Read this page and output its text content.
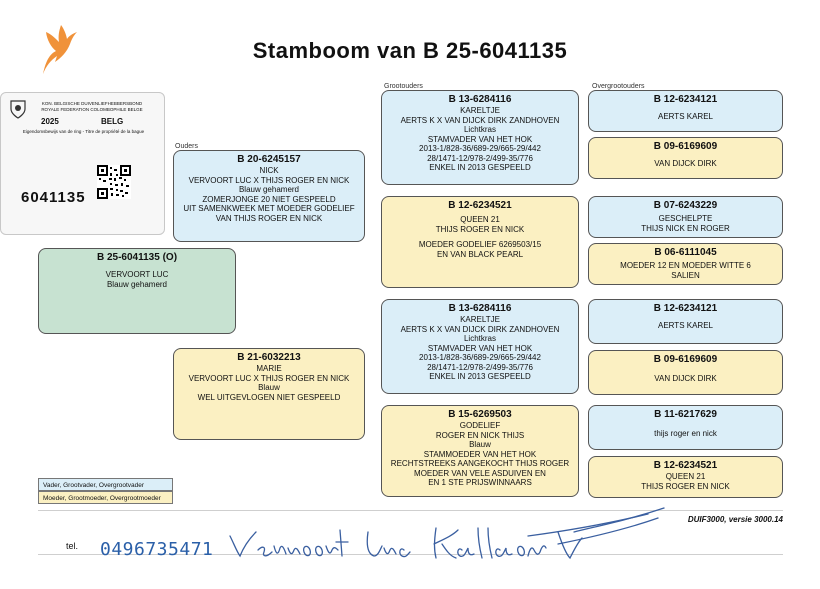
Stamboom van B 25-6041135
KON. BELGISCHE DUIVENLIEFHEBBERSBOND
ROYALE FEDERATION COLOMBOPHILE BELGE
2025	BELG
Eigendomsbewijs van de ring - Titre de propriété de la bague
6041135
Ouders
Grootouders	Overgrootouders
B 25-6041135 (O)
VERVOORT LUC
Blauw gehamerd
B 20-6245157
NICK
VERVOORT LUC X THIJS ROGER EN NICK
Blauw gehamerd
ZOMERJONGE 20 NIET GESPEELD
UIT SAMENKWEEK MET MOEDER GODELIEF
VAN THIJS ROGER EN NICK
B 21-6032213
MARIE
VERVOORT LUC X THIJS ROGER EN NICK
Blauw
WEL UITGEVLOGEN NIET GESPEELD
B 13-6284116
KARELTJE
AERTS K X VAN DIJCK DIRK ZANDHOVEN
Lichtkras
STAMVADER VAN HET HOK
2013-1/828-36/689-29/665-29/442
28/1471-12/978-2/499-35/776
ENKEL IN 2013 GESPEELD
B 12-6234521
QUEEN 21
THIJS ROGER EN NICK
MOEDER GODELIEF 6269503/15
EN VAN BLACK PEARL
B 13-6284116
KARELTJE
AERTS K X VAN DIJCK DIRK ZANDHOVEN
Lichtkras
STAMVADER VAN HET HOK
2013-1/828-36/689-29/665-29/442
28/1471-12/978-2/499-35/776
ENKEL IN 2013 GESPEELD
B 15-6269503
GODELIEF
ROGER EN NICK THIJS
Blauw
STAMMOEDER VAN HET HOK
RECHTSTREEKS AANGEKOCHT THIJS ROGER
MOEDER VAN VELE ASDUIVEN EN
EN 1 STE PRIJSWINNAARS
B 12-6234121
AERTS KAREL
B 09-6169609
VAN DIJCK DIRK
B 07-6243229
GESCHELPTE
THIJS NICK EN ROGER
B 06-6111045
MOEDER 12 EN MOEDER WITTE 6
SALIEN
B 12-6234121
AERTS KAREL
B 09-6169609
VAN DIJCK DIRK
B 11-6217629
thijs roger en nick
B 12-6234521
QUEEN 21
THIJS ROGER EN NICK
Vader, Grootvader, Overgrootvader
Moeder, Grootmoeder, Overgrootmoeder
DUIF3000, versie 3000.14
tel. 0496735471
